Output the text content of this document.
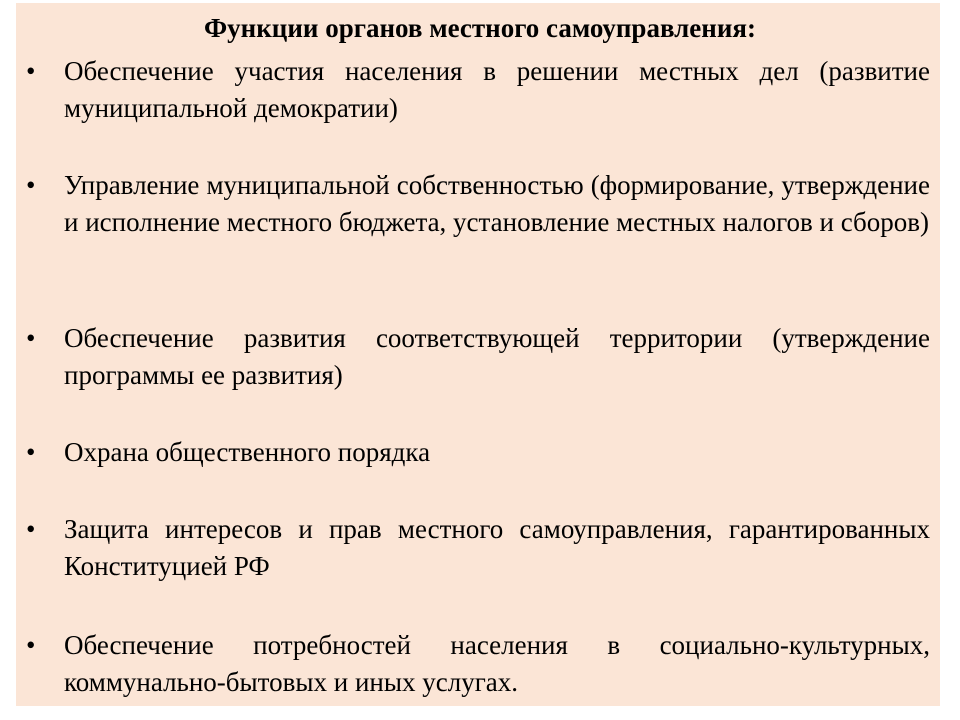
Функции органов местного самоуправления:
• Обеспечение участия населения в решении местных дел (развитие муниципальной демократии)
• Управление муниципальной собственностью (формирование, утверждение и исполнение местного бюджета, установление местных налогов и сборов)
• Обеспечение развития соответствующей территории (утверждение программы ее развития)
• Охрана общественного порядка
• Защита интересов и прав местного самоуправления, гарантированных Конституцией РФ
• Обеспечение потребностей населения в социально-культурных, коммунально-бытовых и иных услугах.
